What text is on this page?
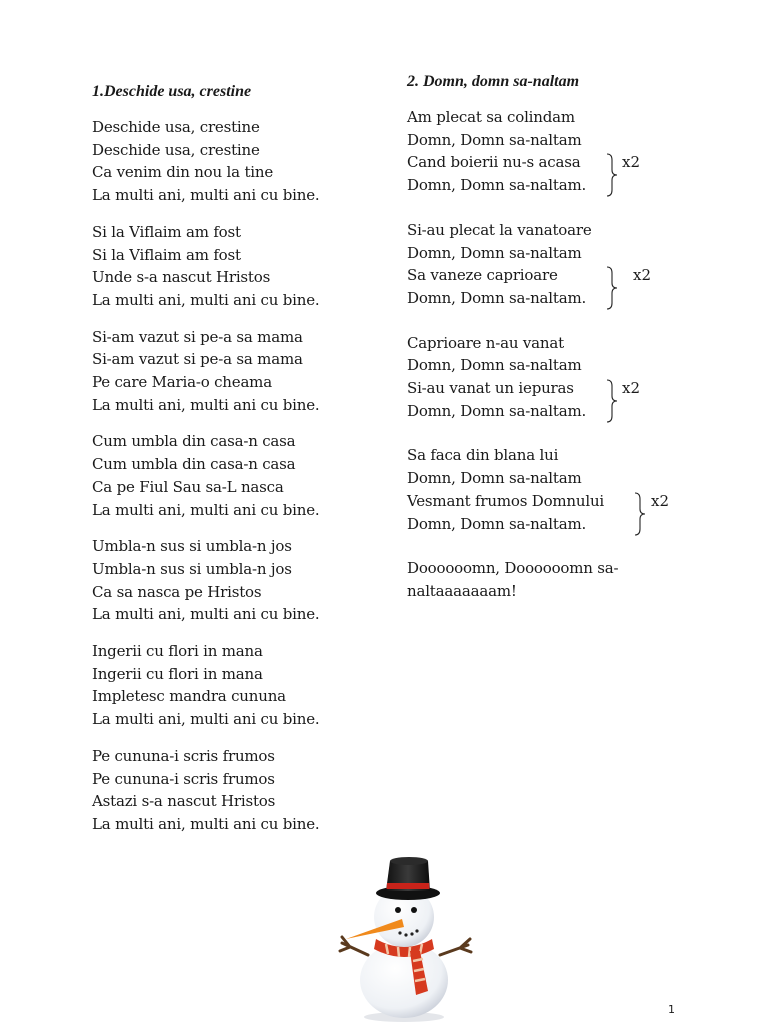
1.Deschide usa, crestine
Deschide usa, crestine
Deschide usa, crestine
Ca venim din nou la tine
La multi ani, multi ani cu bine.
Si la Viflaim am fost
Si la Viflaim am fost
Unde s-a nascut Hristos
La multi ani, multi ani cu bine.
Si-am vazut si pe-a sa mama
Si-am vazut si pe-a sa mama
Pe care Maria-o cheama
La multi ani, multi ani cu bine.
Cum umbla din casa-n casa
Cum umbla din casa-n casa
Ca pe Fiul Sau sa-L nasca
La multi ani, multi ani cu bine.
Umbla-n sus si umbla-n jos
Umbla-n sus si umbla-n jos
Ca sa nasca pe Hristos
La multi ani, multi ani cu bine.
Ingerii cu flori in mana
Ingerii cu flori in mana
Impletesc mandra cununa
La multi ani, multi ani cu bine.
Pe cununa-i scris frumos
Pe cununa-i scris frumos
Astazi s-a nascut Hristos
La multi ani, multi ani cu bine.
2. Domn, domn sa-naltam
Am plecat sa colindam
Domn, Domn sa-naltam
Cand boierii nu-s acasa
Domn, Domn sa-naltam.
x2
Si-au plecat la vanatoare
Domn, Domn sa-naltam
Sa vaneze caprioare
Domn, Domn sa-naltam.
x2
Caprioare n-au vanat
Domn, Domn sa-naltam
Si-au vanat un iepuras
Domn, Domn sa-naltam.
x2
Sa faca din blana lui
Domn, Domn sa-naltam
Vesmant frumos Domnului
Domn, Domn sa-naltam.
x2
Doooooomn, Doooooomn sa-
naltaaaaaaam!
1
